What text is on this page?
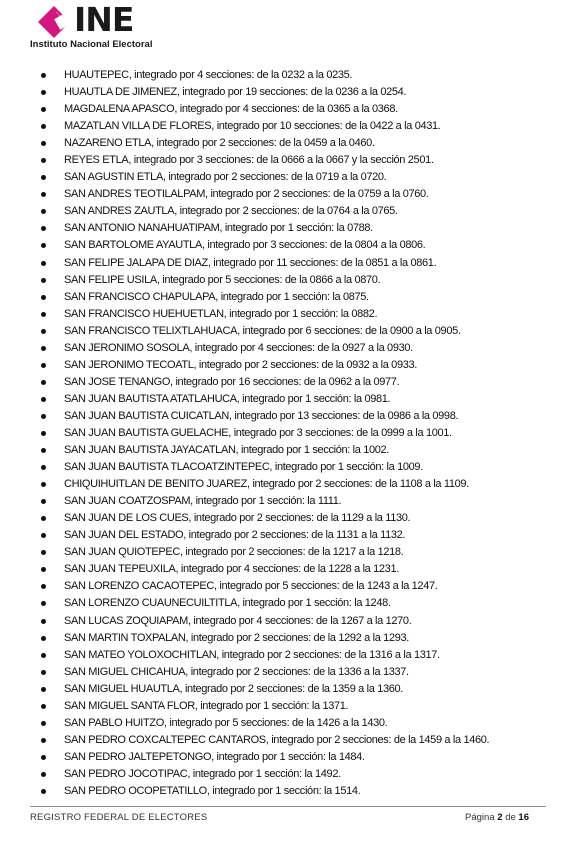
INE
Instituto Nacional Electoral
HUAUTEPEC, integrado por 4 secciones: de la 0232 a la 0235.
HUAUTLA DE JIMENEZ, integrado por 19 secciones: de la 0236 a la 0254.
MAGDALENA APASCO, integrado por 4 secciones: de la 0365 a la 0368.
MAZATLAN VILLA DE FLORES, integrado por 10 secciones: de la 0422 a la 0431.
NAZARENO ETLA, integrado por 2 secciones: de la 0459 a la 0460.
REYES ETLA, integrado por 3 secciones: de la 0666 a la 0667 y la sección 2501.
SAN AGUSTIN ETLA, integrado por 2 secciones: de la 0719 a la 0720.
SAN ANDRES TEOTILALPAM, integrado por 2 secciones: de la 0759 a la 0760.
SAN ANDRES ZAUTLA, integrado por 2 secciones: de la 0764 a la 0765.
SAN ANTONIO NANAHUATIPAM, integrado por 1 sección: la 0788.
SAN BARTOLOME AYAUTLA, integrado por 3 secciones: de la 0804 a la 0806.
SAN FELIPE JALAPA DE DIAZ, integrado por 11 secciones: de la 0851 a la 0861.
SAN FELIPE USILA, integrado por 5 secciones: de la 0866 a la 0870.
SAN FRANCISCO CHAPULAPA, integrado por 1 sección: la 0875.
SAN FRANCISCO HUEHUETLAN, integrado por 1 sección: la 0882.
SAN FRANCISCO TELIXTLAHUACA, integrado por 6 secciones: de la 0900 a la 0905.
SAN JERONIMO SOSOLA, integrado por 4 secciones: de la 0927 a la 0930.
SAN JERONIMO TECOATL, integrado por 2 secciones: de la 0932 a la 0933.
SAN JOSE TENANGO, integrado por 16 secciones: de la 0962 a la 0977.
SAN JUAN BAUTISTA ATATLAHUCA, integrado por 1 sección: la 0981.
SAN JUAN BAUTISTA CUICATLAN, integrado por 13 secciones: de la 0986 a la 0998.
SAN JUAN BAUTISTA GUELACHE, integrado por 3 secciones: de la 0999 a la 1001.
SAN JUAN BAUTISTA JAYACATLAN, integrado por 1 sección: la 1002.
SAN JUAN BAUTISTA TLACOATZINTEPEC, integrado por 1 sección: la 1009.
CHIQUIHUITLAN DE BENITO JUAREZ, integrado por 2 secciones: de la 1108 a la 1109.
SAN JUAN COATZOSPAM, integrado por 1 sección: la 1111.
SAN JUAN DE LOS CUES, integrado por 2 secciones: de la 1129 a la 1130.
SAN JUAN DEL ESTADO, integrado por 2 secciones: de la 1131 a la 1132.
SAN JUAN QUIOTEPEC, integrado por 2 secciones: de la 1217 a la 1218.
SAN JUAN TEPEUXILA, integrado por 4 secciones: de la 1228 a la 1231.
SAN LORENZO CACAOTEPEC, integrado por 5 secciones: de la 1243 a la 1247.
SAN LORENZO CUAUNECUILTITLA, integrado por 1 sección: la 1248.
SAN LUCAS ZOQUIAPAM, integrado por 4 secciones: de la 1267 a la 1270.
SAN MARTIN TOXPALAN, integrado por 2 secciones: de la 1292 a la 1293.
SAN MATEO YOLOXOCHITLAN, integrado por 2 secciones: de la 1316 a la 1317.
SAN MIGUEL CHICAHUA, integrado por 2 secciones: de la 1336 a la 1337.
SAN MIGUEL HUAUTLA, integrado por 2 secciones: de la 1359 a la 1360.
SAN MIGUEL SANTA FLOR, integrado por 1 sección: la 1371.
SAN PABLO HUITZO, integrado por 5 secciones: de la 1426 a la 1430.
SAN PEDRO COXCALTEPEC CANTAROS, integrado por 2 secciones: de la 1459 a la 1460.
SAN PEDRO JALTEPETONGO, integrado por 1 sección: la 1484.
SAN PEDRO JOCOTIPAC, integrado por 1 sección: la 1492.
SAN PEDRO OCOPETATILLO, integrado por 1 sección: la 1514.
REGISTRO FEDERAL DE ELECTORES	Página 2 de 16
